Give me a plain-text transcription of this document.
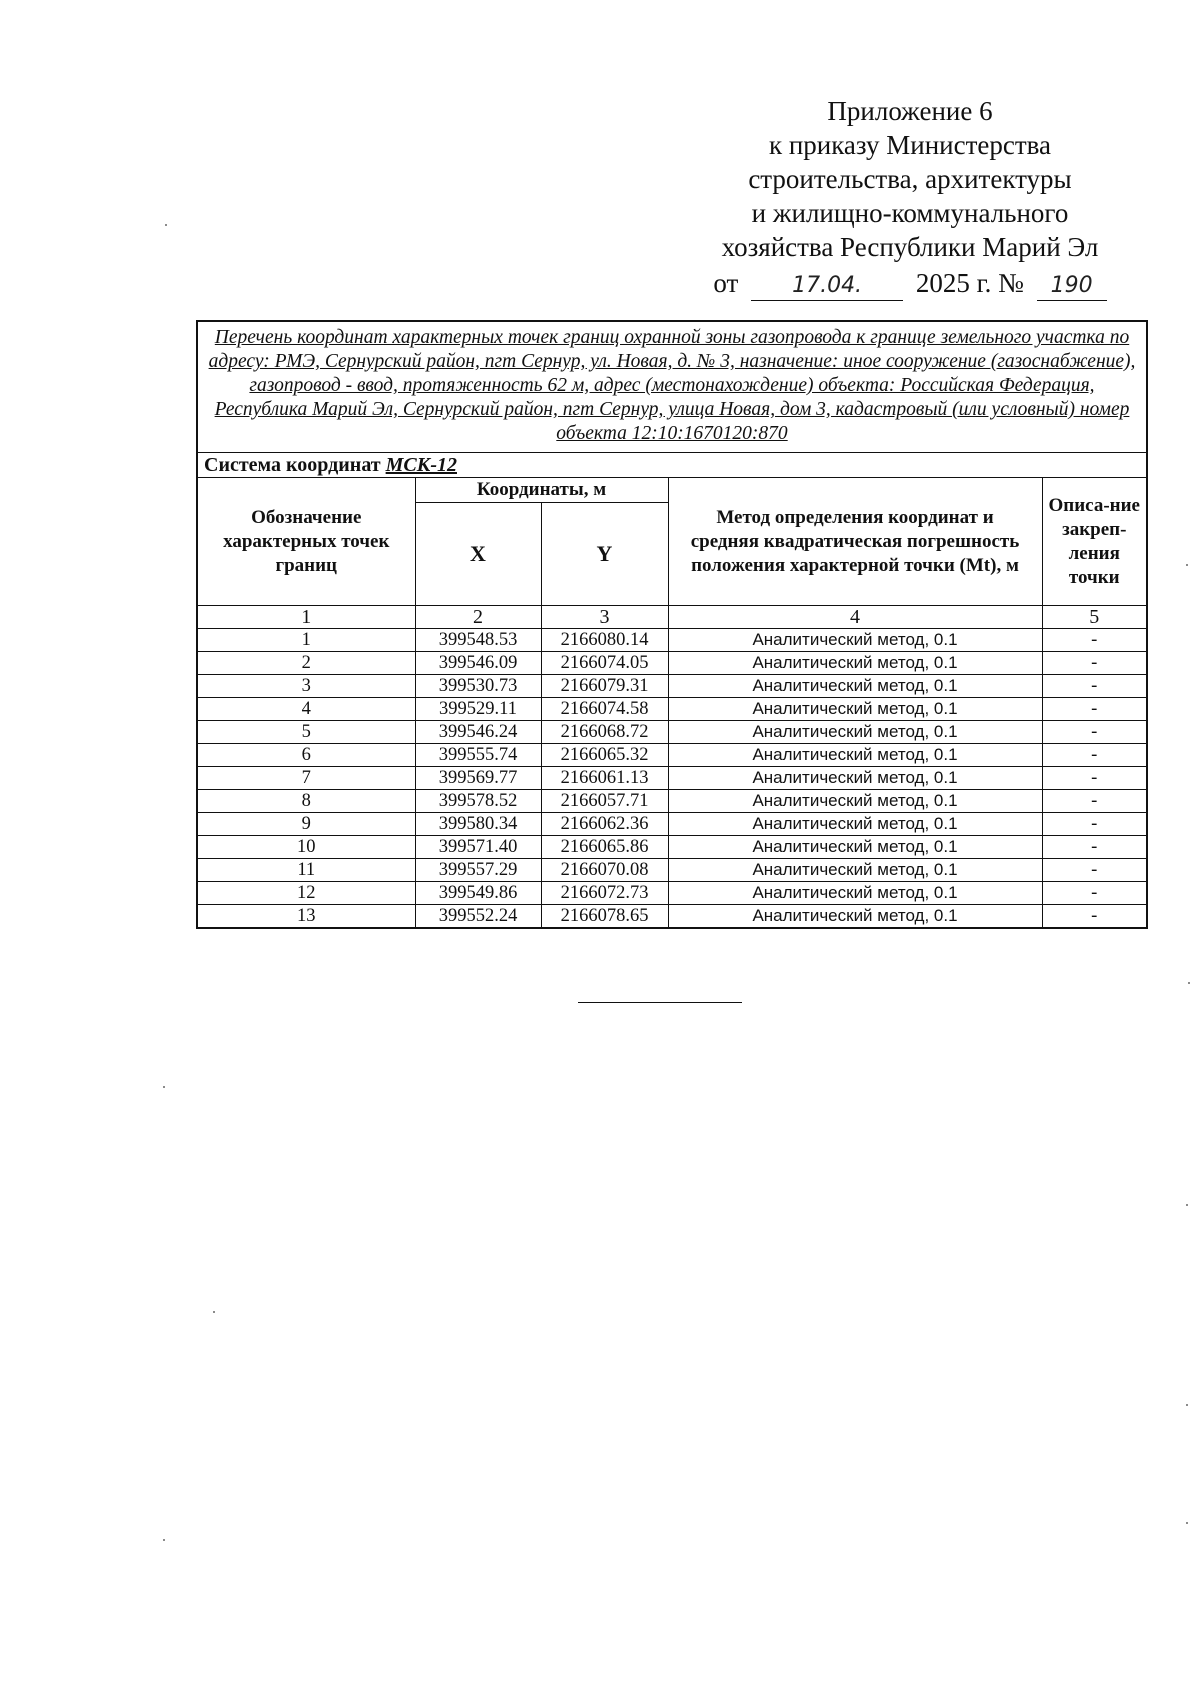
Приложение 6
к приказу Министерства
строительства, архитектуры
и жилищно-коммунального
хозяйства Республики Марий Эл
от 17.04. 2025 г. № 190
Перечень координат характерных точек границ охранной зоны газопровода к границе земельного участка по адресу: РМЭ, Сернурский район, пгт Сернур, ул. Новая, д. № 3, назначение: иное сооружение (газоснабжение), газопровод - ввод, протяженность 62 м, адрес (местонахождение) объекта: Российская Федерация, Республика Марий Эл, Сернурский район, пгт Сернур, улица Новая, дом 3, кадастровый (или условный) номер объекта 12:10:1670120:870				
Система координат МСК-12				
Обозначение характерных точек границ	Координаты, м		Метод определения координат и средняя квадратическая погрешность положения характерной точки (Mt), м	Описа-ние закреп-ления точки
	X	Y		
1	2	3	4	5
1	399548.53	2166080.14	Аналитический метод, 0.1	-
2	399546.09	2166074.05	Аналитический метод, 0.1	-
3	399530.73	2166079.31	Аналитический метод, 0.1	-
4	399529.11	2166074.58	Аналитический метод, 0.1	-
5	399546.24	2166068.72	Аналитический метод, 0.1	-
6	399555.74	2166065.32	Аналитический метод, 0.1	-
7	399569.77	2166061.13	Аналитический метод, 0.1	-
8	399578.52	2166057.71	Аналитический метод, 0.1	-
9	399580.34	2166062.36	Аналитический метод, 0.1	-
10	399571.40	2166065.86	Аналитический метод, 0.1	-
11	399557.29	2166070.08	Аналитический метод, 0.1	-
12	399549.86	2166072.73	Аналитический метод, 0.1	-
13	399552.24	2166078.65	Аналитический метод, 0.1	-
